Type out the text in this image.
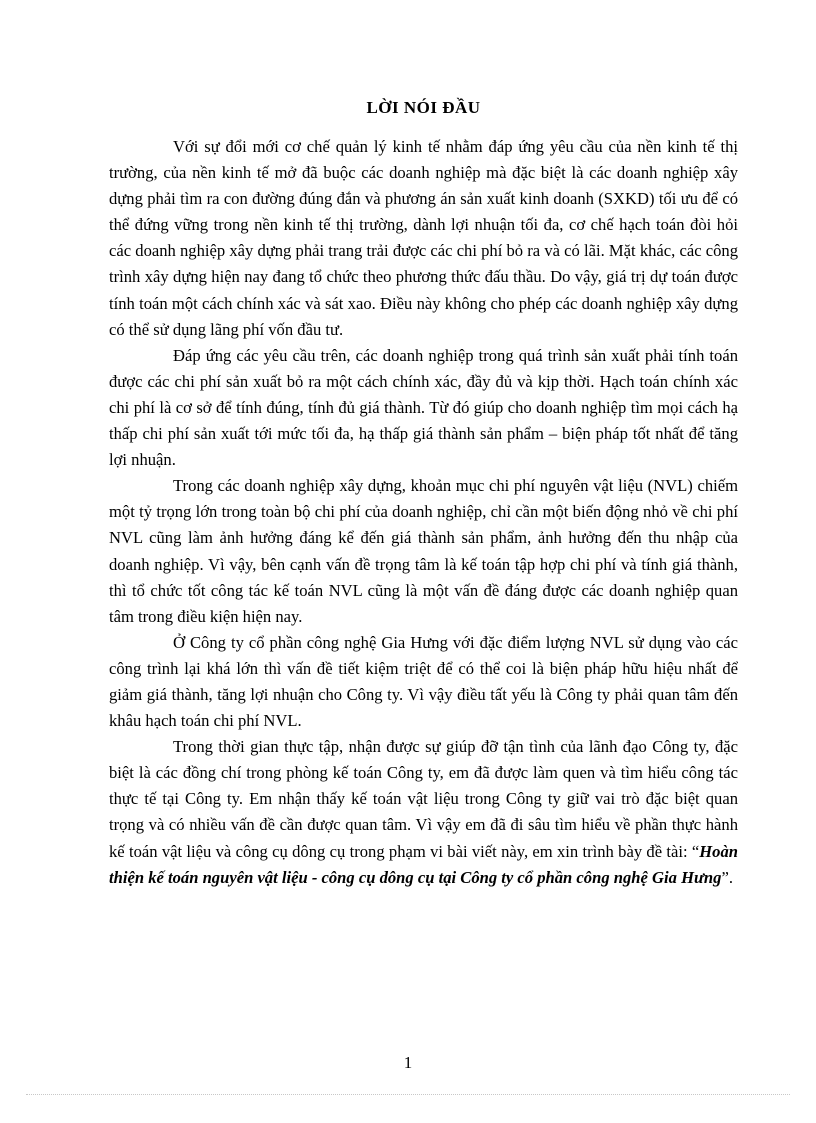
LỜI NÓI ĐẦU

Với sự đổi mới cơ chế quản lý kinh tế nhằm đáp ứng yêu cầu của nền kinh tế thị trường, của nền kinh tế mở đã buộc các doanh nghiệp mà đặc biệt là các doanh nghiệp xây dựng phải tìm ra con đường đúng đắn và phương án sản xuất kinh doanh (SXKD) tối ưu để có thể đứng vững trong nền kinh tế thị trường, dành lợi nhuận tối đa, cơ chế hạch toán đòi hỏi các doanh nghiệp xây dựng phải trang trải được các chi phí bỏ ra và có lãi. Mặt khác, các công trình xây dựng hiện nay đang tổ chức theo phương thức đấu thầu. Do vậy, giá trị dự toán được tính toán một cách chính xác và sát xao. Điều này không cho phép các doanh nghiệp xây dựng có thể sử dụng lãng phí vốn đầu tư.

Đáp ứng các yêu cầu trên, các doanh nghiệp trong quá trình sản xuất phải tính toán được các chi phí sản xuất bỏ ra một cách chính xác, đầy đủ và kịp thời. Hạch toán chính xác chi phí là cơ sở để tính đúng, tính đủ giá thành. Từ đó giúp cho doanh nghiệp tìm mọi cách hạ thấp chi phí sản xuất tới mức tối đa, hạ thấp giá thành sản phẩm – biện pháp tốt nhất để tăng lợi nhuận.

Trong các doanh nghiệp xây dựng, khoản mục chi phí nguyên vật liệu (NVL) chiếm một tỷ trọng lớn trong toàn bộ chi phí của doanh nghiệp, chỉ cần một biến động nhỏ về chi phí NVL cũng làm ảnh hưởng đáng kể đến giá thành sản phẩm, ảnh hưởng đến thu nhập của doanh nghiệp. Vì vậy, bên cạnh vấn đề trọng tâm là kế toán tập hợp chi phí và tính giá thành, thì tổ chức tốt công tác kế toán NVL cũng là một vấn đề đáng được các doanh nghiệp quan tâm trong điều kiện hiện nay.

Ở Công ty cổ phần công nghệ Gia Hưng với đặc điểm lượng NVL sử dụng vào các công trình lại khá lớn thì vấn đề tiết kiệm triệt để có thể coi là biện pháp hữu hiệu nhất để giảm giá thành, tăng lợi nhuận cho Công ty. Vì vậy điều tất yếu là Công ty phải quan tâm đến khâu hạch toán chi phí NVL.

Trong thời gian thực tập, nhận được sự giúp đỡ tận tình của lãnh đạo Công ty, đặc biệt là các đồng chí trong phòng kế toán Công ty, em đã được làm quen và tìm hiểu công tác thực tế tại Công ty. Em nhận thấy kế toán vật liệu trong Công ty giữ vai trò đặc biệt quan trọng và có nhiều vấn đề cần được quan tâm. Vì vậy em đã đi sâu tìm hiểu về phần thực hành kế toán vật liệu và công cụ dông cụ trong phạm vi bài viết này, em xin trình bày đề tài: “Hoàn thiện kế toán nguyên vật liệu - công cụ dông cụ tại Công ty cổ phần công nghệ Gia Hưng”.

1
